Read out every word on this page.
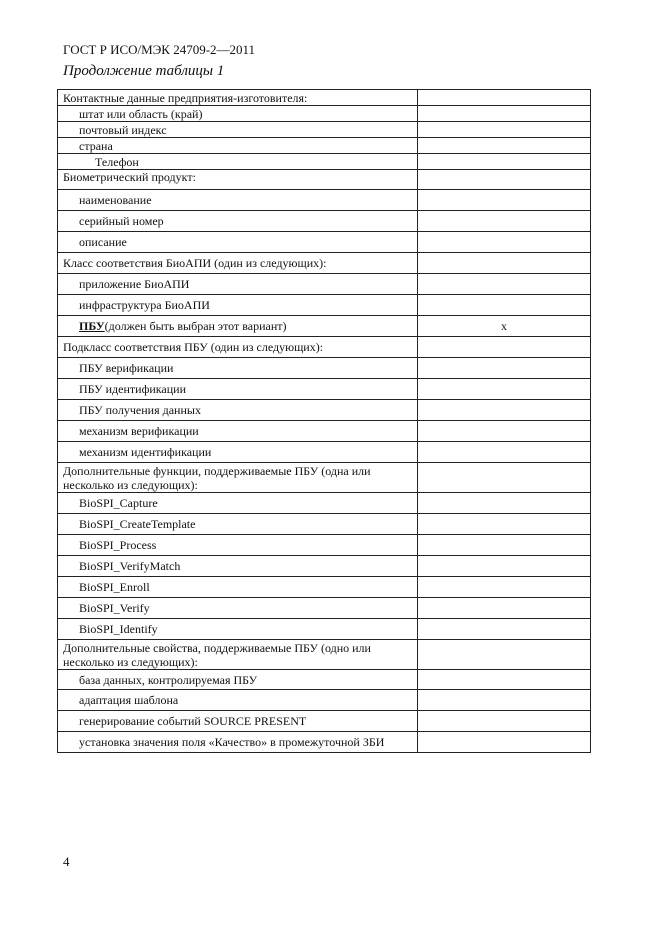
ГОСТ Р ИСО/МЭК 24709-2—2011
Продолжение таблицы 1
Контактные данные предприятия-изготовителя:	
штат или область (край)	
почтовый индекс	
страна	
Телефон	
Биометрический продукт:	
наименование	
серийный номер	
описание	
Класс соответствия БиоАПИ (один из следующих):	
приложение БиоАПИ	
инфраструктура БиоАПИ	
ПБУ(должен быть выбран этот вариант)	x
Подкласс соответствия ПБУ (один из следующих):	
ПБУ верификации	
ПБУ идентификации	
ПБУ получения данных	
механизм верификации	
механизм идентификации	
Дополнительные функции, поддерживаемые ПБУ (одна или несколько из следующих):	
BioSPI_Capture	
BioSPI_CreateTemplate	
BioSPI_Process	
BioSPI_VerifyMatch	
BioSPI_Enroll	
BioSPI_Verify	
BioSPI_Identify	
Дополнительные свойства, поддерживаемые ПБУ (одно или несколько из следующих):	
база данных, контролируемая ПБУ	
адаптация шаблона	
генерирование событий SOURCE PRESENT	
установка значения поля «Качество» в промежуточной ЗБИ	
4
